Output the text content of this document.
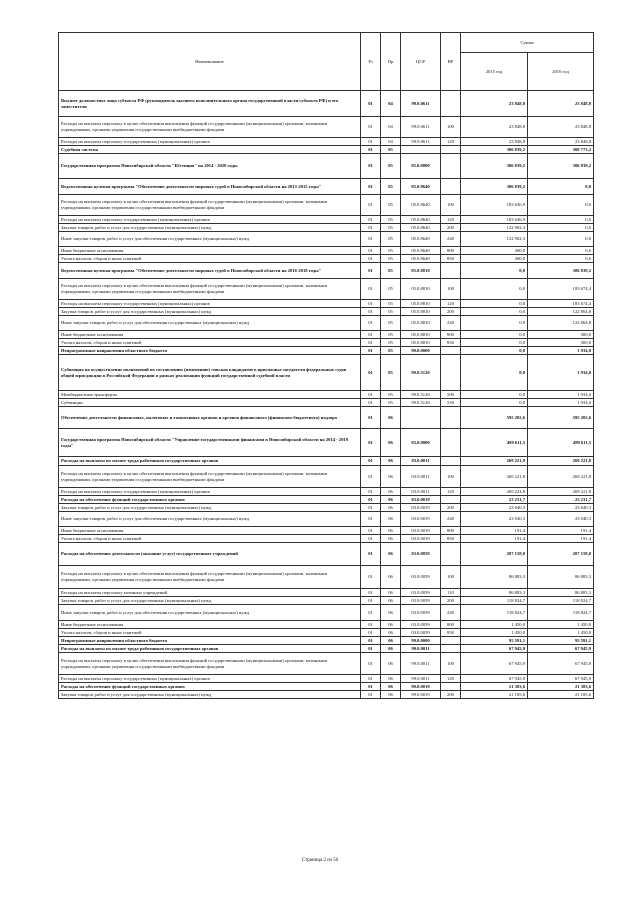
Наименование	Рз	Пр	ЦСР	ВР	Сумма	
					2015 год	2016 год
Высшее должностное лицо субъекта РФ (руководитель высшего исполнительного органа государственной власти субъекта РФ) и его заместители	01	04	99.0.0611		23 848,8	23 848,8
Расходы на выплаты персоналу в целях обеспечения выполнения функций государственными (муниципальными) органами, казенными учреждениями, органами управления государственными внебюджетными фондами	01	04	99.0.0611	100	23 848,8	23 848,8
Расходы на выплаты персоналу государственных (муниципальных) органов	01	04	99.0.0611	120	23 848,8	23 848,8
Судебная система	01	05			306 839,2	308 773,2
Государственная программа Новосибирской области "Юстиция" на 2014 - 2020 годы	01	05	05.0.0000		306 839,2	306 839,2
Ведомственная целевая программа "Обеспечение деятельности мировых судей в Новосибирской области на 2013-2015 годы"	01	05	05.0.8640		306 839,2	0,0
Расходы на выплаты персоналу в целях обеспечения выполнения функций государственными (муниципальными) органами, казенными учреждениями, органами управления государственными внебюджетными фондами	01	05	05.0.8640	100	183 636,9	0,0
Расходы на выплаты персоналу государственных (муниципальных) органов	01	05	05.0.8640	120	183 636,9	0,0
Закупка товаров, работ и услуг для государственных (муниципальных) нужд	01	05	05.0.8640	200	122 902,3	0,0
Иные закупки товаров, работ и услуг для обеспечения государственных (муниципальных) нужд	01	05	05.0.8640	240	122 902,3	0,0
Иные бюджетные ассигнования	01	05	05.0.8640	800	300,0	0,0
Уплата налогов, сборов и иных платежей	01	05	05.0.8640	850	300,0	0,0
Ведомственная целевая программа "Обеспечение деятельности мировых судей в Новосибирской области на 2016-2018 годы"	01	05	05.0.8810		0,0	306 839,2
Расходы на выплаты персоналу в целях обеспечения выполнения функций государственными (муниципальными) органами, казенными учреждениями, органами управления государственными внебюджетными фондами	01	05	05.0.8810	100	0,0	183 674,4
Расходы на выплаты персоналу государственных (муниципальных) органов	01	05	05.0.8810	120	0,0	183 674,4
Закупка товаров, работ и услуг для государственных (муниципальных) нужд	01	05	05.0.8810	200	0,0	122 864,8
Иные закупки товаров, работ и услуг для обеспечения государственных (муниципальных) нужд	01	05	05.0.8810	240	0,0	122 864,8
Иные бюджетные ассигнования	01	05	05.0.8810	800	0,0	300,0
Уплата налогов, сборов и иных платежей	01	05	05.0.8810	850	0,0	300,0
Непрограммные направления областного бюджета	01	05	99.0.0000		0,0	1 934,0
Субвенция на осуществление полномочий по составлению (изменению) списков кандидатов в присяжные заседатели федеральных судов общей юрисдикции в Российской Федерации в рамках реализации функций государственной судебной власти	01	05	99.0.5120		0,0	1 934,0
Межбюджетные трансферты	01	05	99.0.5120	500	0,0	1 934,0
Субвенции	01	05	99.0.5120	530	0,0	1 934,0
Обеспечение деятельности финансовых, налоговых и таможенных органов и органов финансового (финансово-бюджетного) надзора	01	06			595 202,6	595 202,6
Государственная программа Новосибирской области "Управление государственными финансами в Новосибирской области на 2014 - 2019 годы"	01	06	03.0.0000		499 611,5	499 611,5
Расходы на выплаты по оплате труда работников государственных органов	01	06	03.0.0011		269 221,8	269 221,8
Расходы на выплаты персоналу в целях обеспечения выполнения функций государственными (муниципальными) органами, казенными учреждениями, органами управления государственными внебюджетными фондами	01	06	03.0.0011	100	269 221,8	269 221,8
Расходы на выплаты персоналу государственных (муниципальных) органов	01	06	03.0.0011	120	269 221,8	269 221,8
Расходы на обеспечение функций государственных органов	01	06	03.0.0019		23 231,7	23 231,7
Закупка товаров, работ и услуг для государственных (муниципальных) нужд	01	06	03.0.0019	200	23 040,3	23 040,3
Иные закупки товаров, работ и услуг для обеспечения государственных (муниципальных) нужд	01	06	03.0.0019	240	23 040,3	23 040,3
Иные бюджетные ассигнования	01	06	03.0.0019	800	191,4	191,4
Уплата налогов, сборов и иных платежей	01	06	03.0.0019	850	191,4	191,4
Расходы на обеспечение деятельности (оказание услуг) государственных учреждений	01	06	03.0.0059		207 158,0	207 158,0
Расходы на выплаты персоналу в целях обеспечения выполнения функций государственными (муниципальными) органами, казенными учреждениями, органами управления государственными внебюджетными фондами	01	06	03.0.0059	100	86 883,3	86 883,3
Расходы на выплаты персоналу казенных учреждений	01	06	03.0.0059	110	86 883,3	86 883,3
Закупка товаров, работ и услуг для государственных (муниципальных) нужд	01	06	03.0.0059	200	118 824,7	118 824,7
Иные закупки товаров, работ и услуг для обеспечения государственных (муниципальных) нужд	01	06	03.0.0059	240	118 824,7	118 824,7
Иные бюджетные ассигнования	01	06	03.0.0059	800	1 450,0	1 450,0
Уплата налогов, сборов и иных платежей	01	06	03.0.0059	850	1 450,0	1 450,0
Непрограммные направления областного бюджета	01	06	99.0.0000		95 591,1	95 591,1
Расходы на выплаты по оплате труда работников государственных органов	01	06	99.0.0011		67 945,9	67 945,9
Расходы на выплаты персоналу в целях обеспечения выполнения функций государственными (муниципальными) органами, казенными учреждениями, органами управления государственными внебюджетными фондами	01	06	99.0.0011	100	67 945,9	67 945,9
Расходы на выплаты персоналу государственных (муниципальных) органов	01	06	99.0.0011	120	67 945,9	67 945,9
Расходы на обеспечение функций государственных органов	01	06	99.0.0019		21 383,6	21 383,6
Закупка товаров, работ и услуг для государственных (муниципальных) нужд	01	06	99.0.0019	200	21 185,6	21 185,6
Страница 2 из 56
